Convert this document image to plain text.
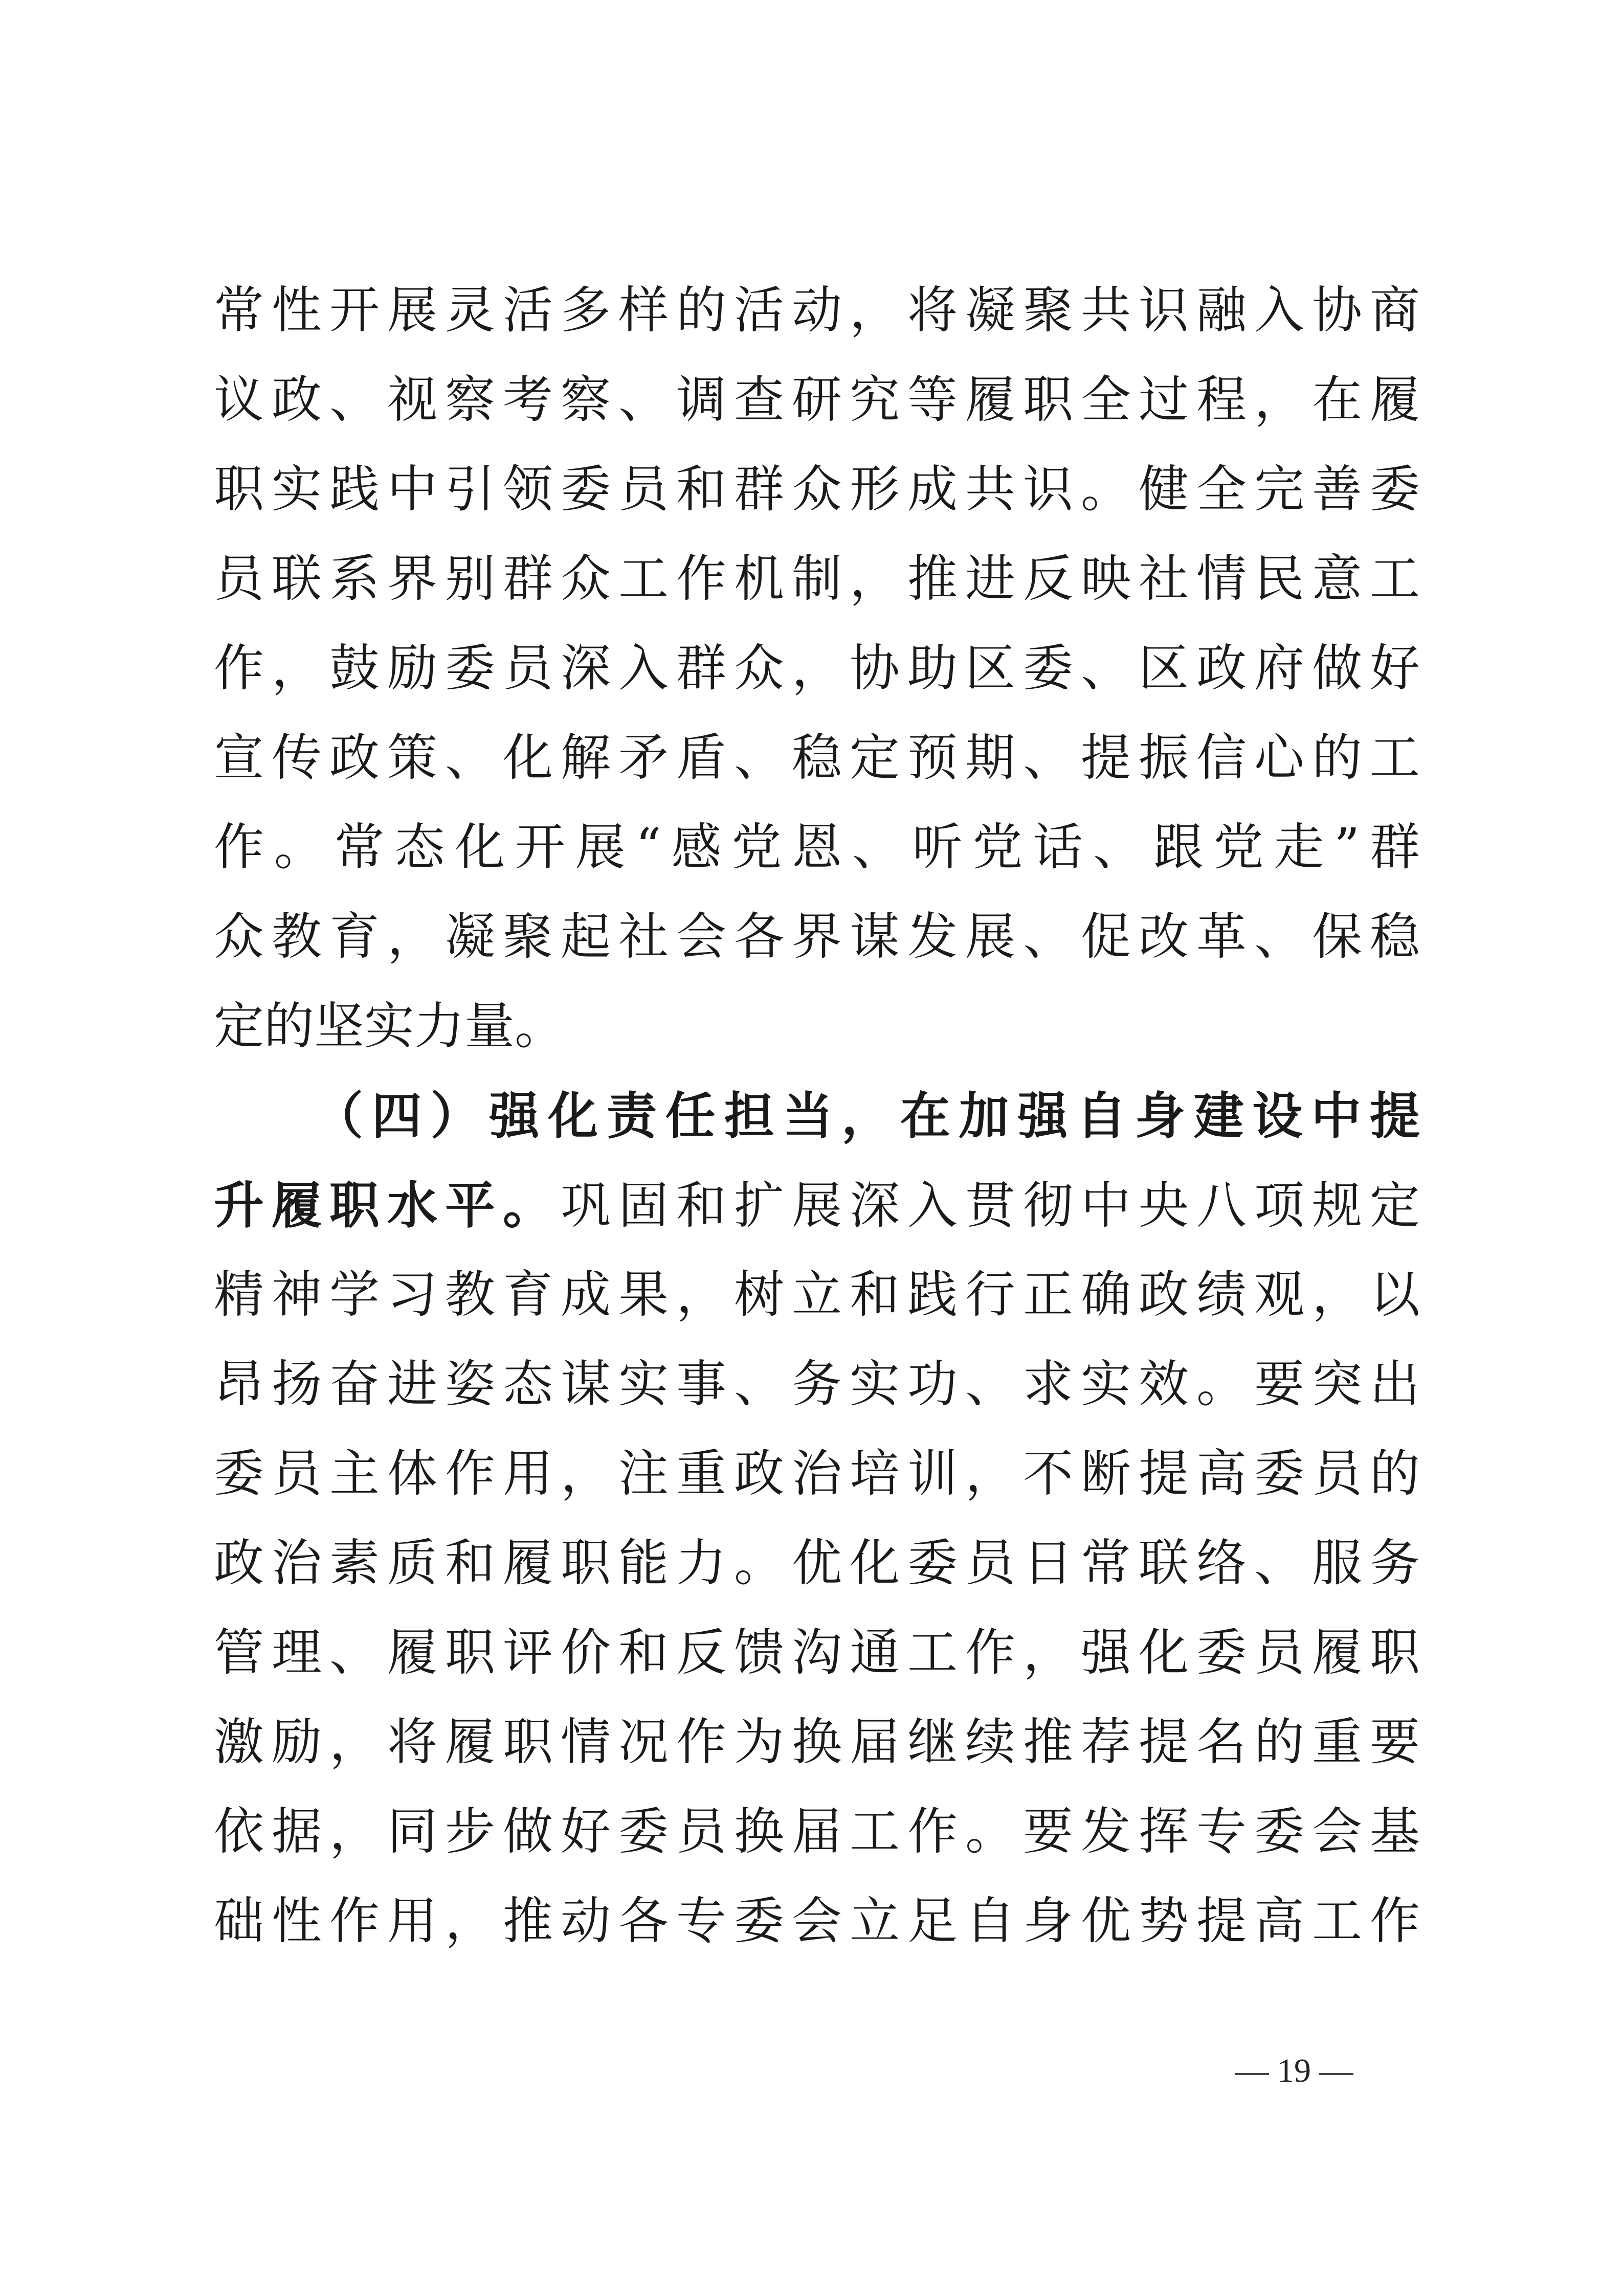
常性开展灵活多样的活动，将凝聚共识融入协商
议政、视察考察、调查研究等履职全过程，在履
职实践中引领委员和群众形成共识。健全完善委
员联系界别群众工作机制，推进反映社情民意工
作，鼓励委员深入群众，协助区委、区政府做好
宣传政策、化解矛盾、稳定预期、提振信心的工
作。常态化开展“感党恩、听党话、跟党走”群
众教育，凝聚起社会各界谋发展、促改革、保稳
定的坚实力量。
（四）强化责任担当，在加强自身建设中提
升履职水平。巩固和扩展深入贯彻中央八项规定
精神学习教育成果，树立和践行正确政绩观，以
昂扬奋进姿态谋实事、务实功、求实效。要突出
委员主体作用，注重政治培训，不断提高委员的
政治素质和履职能力。优化委员日常联络、服务
管理、履职评价和反馈沟通工作，强化委员履职
激励，将履职情况作为换届继续推荐提名的重要
依据，同步做好委员换届工作。要发挥专委会基
础性作用，推动各专委会立足自身优势提高工作
— 19 —
